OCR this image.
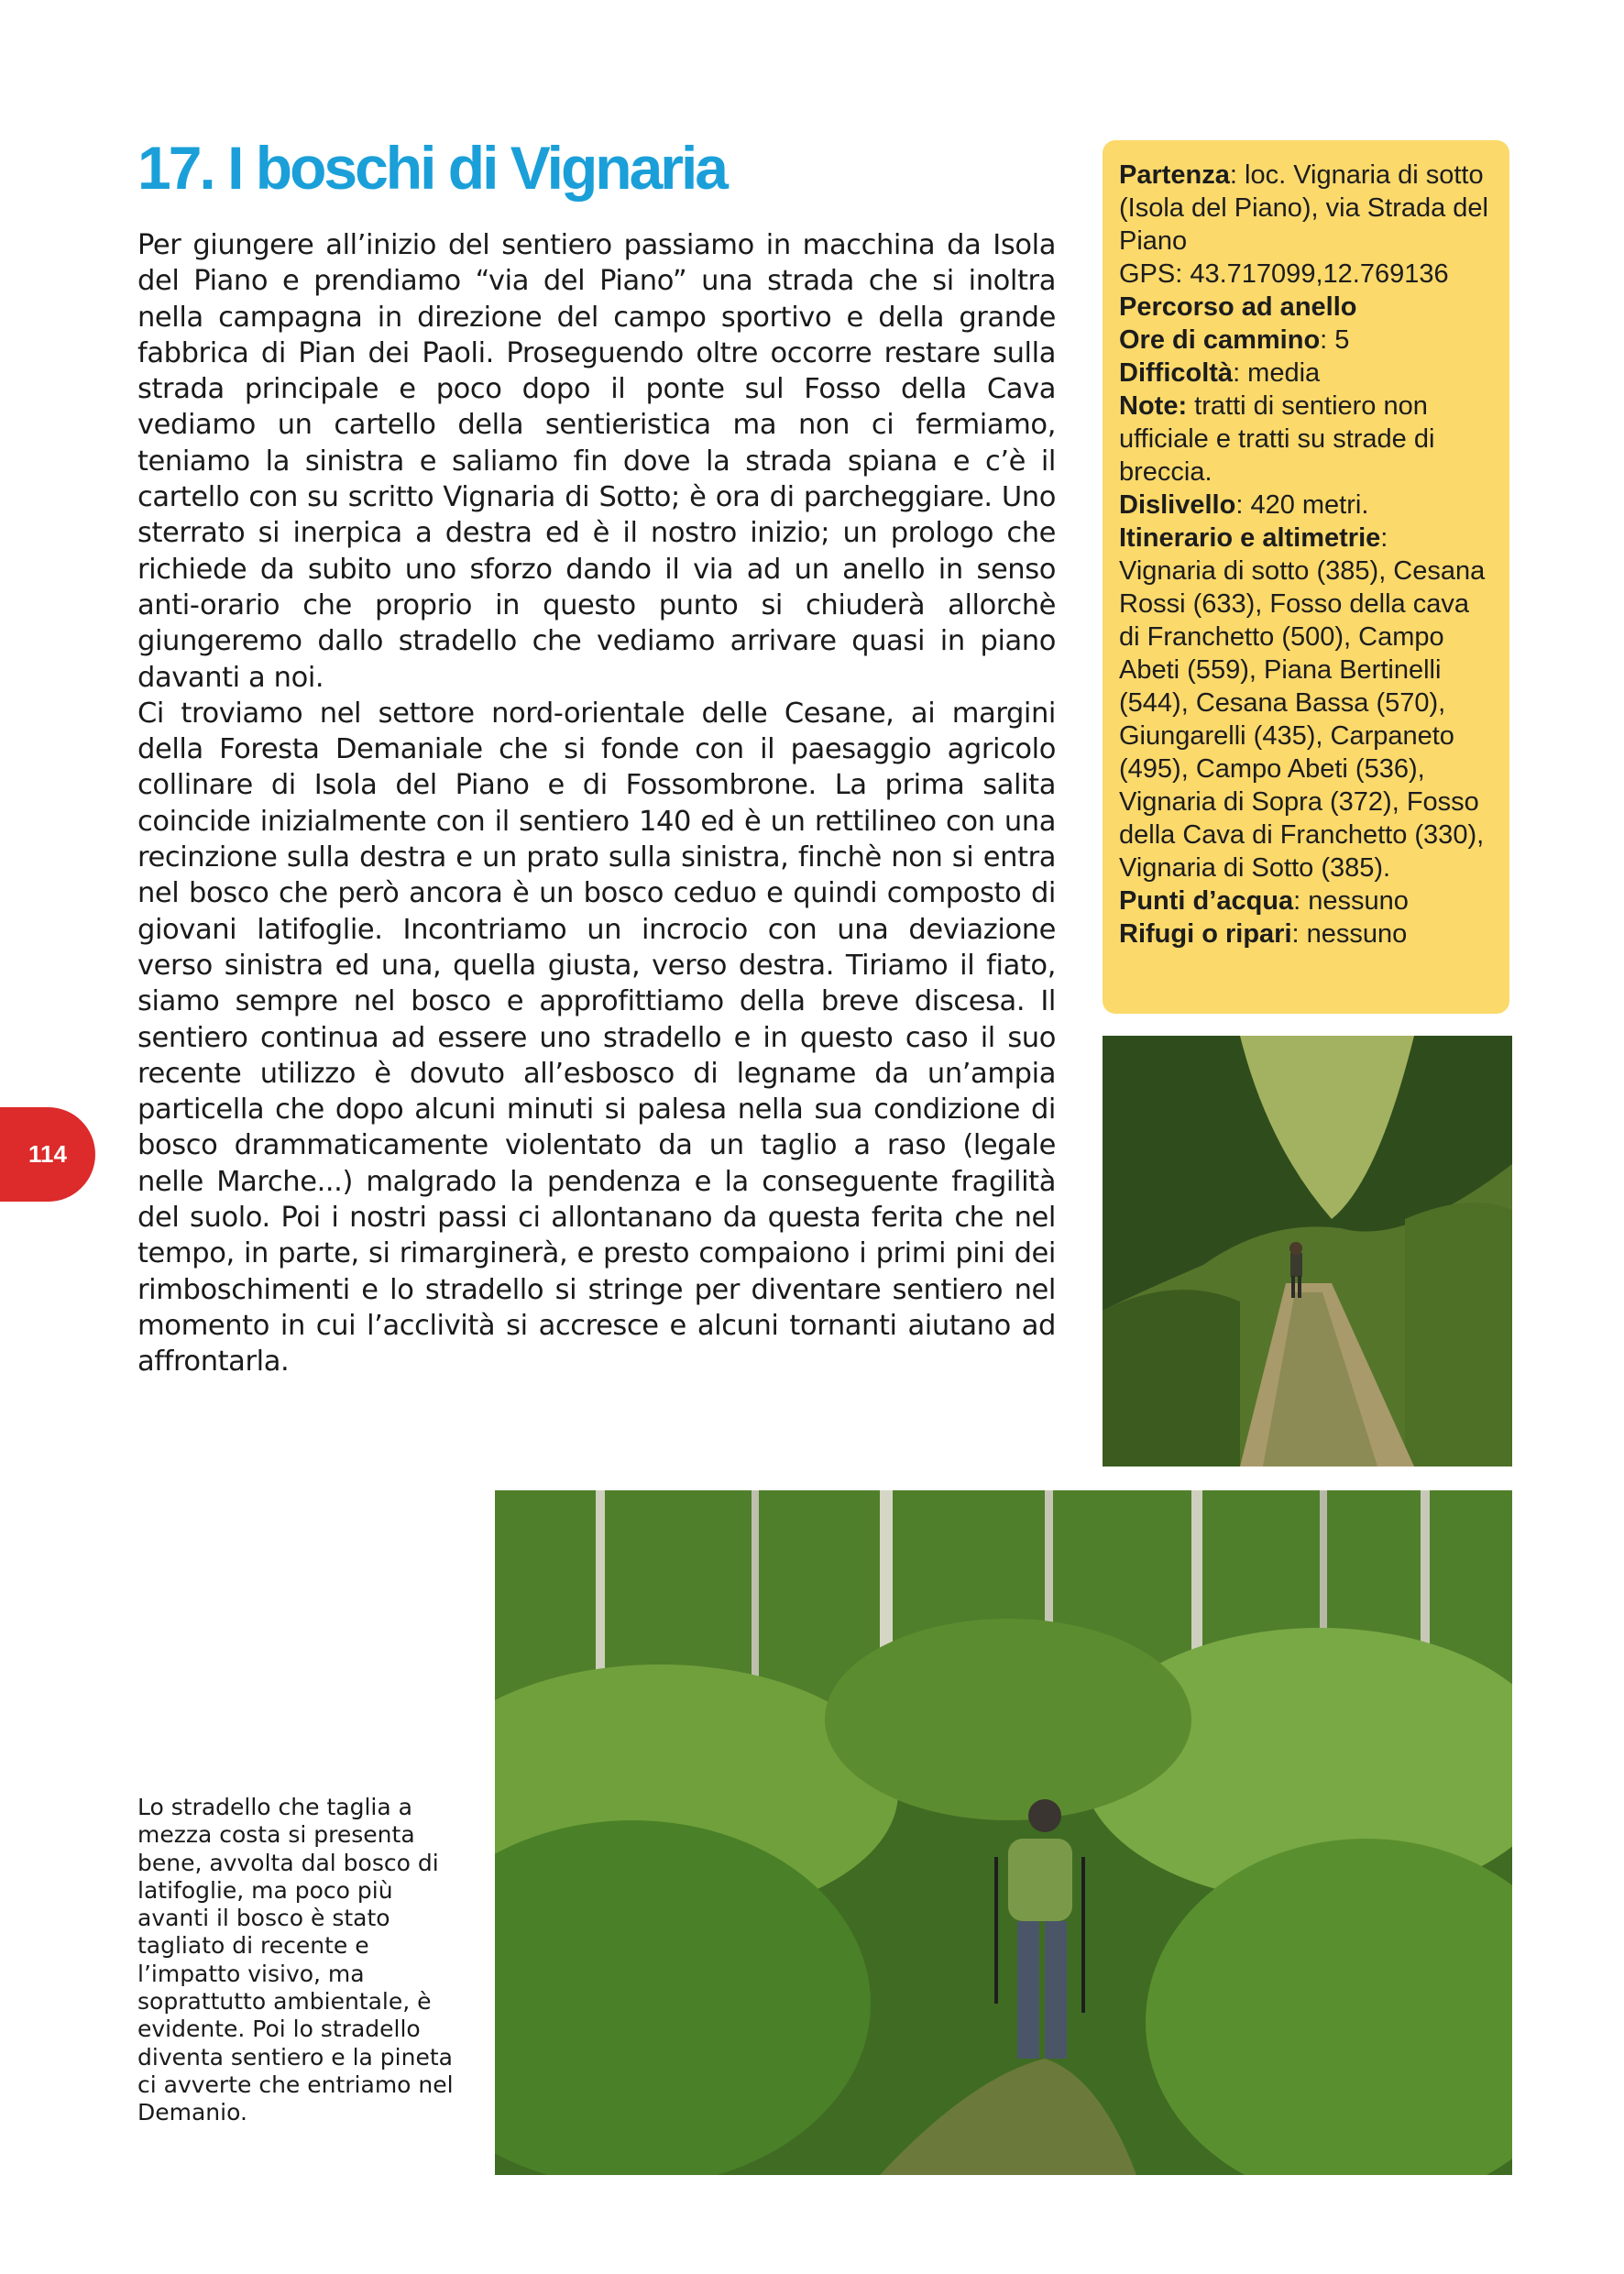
17. I boschi di Vignaria

Per giungere all’inizio del sentiero passiamo in macchina da Isola del Piano e prendiamo “via del Piano” una strada che si inoltra nella campagna in direzione del campo sportivo e della grande fabbrica di Pian dei Paoli. Proseguendo oltre occorre restare sulla strada principale e poco dopo il ponte sul Fosso della Cava vediamo un cartello della sentieristica ma non ci fermiamo, teniamo la sinistra e saliamo fin dove la strada spiana e c’è il cartello con su scritto Vignaria di Sotto; è ora di parcheggiare. Uno sterrato si inerpica a destra ed è il nostro inizio; un prologo che richiede da subito uno sforzo dando il via ad un anello in senso anti-orario che proprio in questo punto si chiuderà allorchè giungeremo dallo stradello che vediamo arrivare quasi in piano davanti a noi.

Ci troviamo nel settore nord-orientale delle Cesane, ai margini della Foresta Demaniale che si fonde con il paesaggio agricolo collinare di Isola del Piano e di Fossombrone. La prima salita coincide inizialmente con il sentiero 140 ed è un rettilineo con una recinzione sulla destra e un prato sulla sinistra, finchè non si entra nel bosco che però ancora è un bosco ceduo e quindi composto di giovani latifoglie. Incontriamo un incrocio con una deviazione verso sinistra ed una, quella giusta, verso destra. Tiriamo il fiato, siamo sempre nel bosco e approfittiamo della breve discesa. Il sentiero continua ad essere uno stradello e in questo caso il suo recente utilizzo è dovuto all’esbosco di legname da un’ampia particella che dopo alcuni minuti si palesa nella sua condizione di bosco drammaticamente violentato da un taglio a raso (legale nelle Marche...) malgrado la pendenza e la conseguente fragilità del suolo. Poi i nostri passi ci allontanano da questa ferita che nel tempo, in parte, si rimarginerà, e presto compaiono i primi pini dei rimboschimenti e lo stradello si stringe per diventare sentiero nel momento in cui l’acclività si accresce e alcuni tornanti aiutano ad affrontarla.

Partenza: loc. Vignaria di sotto (Isola del Piano), via Strada del Piano
GPS: 43.717099,12.769136
Percorso ad anello
Ore di cammino: 5
Difficoltà: media
Note: tratti di sentiero non ufficiale e tratti su strade di breccia.
Dislivello: 420 metri.
Itinerario e altimetrie:
Vignaria di sotto (385), Cesana Rossi (633), Fosso della cava di Franchetto (500), Campo Abeti (559), Piana Bertinelli (544), Cesana Bassa (570), Giungarelli (435), Carpaneto (495), Campo Abeti (536), Vignaria di Sopra (372), Fosso della Cava di Franchetto (330), Vignaria di Sotto (385).
Punti d’acqua: nessuno
Rifugi o ripari: nessuno
114
Lo stradello che taglia a mezza costa si presenta bene, avvolta dal bosco di latifoglie, ma poco più avanti il bosco è stato tagliato di recente e l’impatto visivo, ma soprattutto ambientale, è evidente. Poi lo stradello diventa sentiero e la pineta ci avverte che entriamo nel Demanio.
